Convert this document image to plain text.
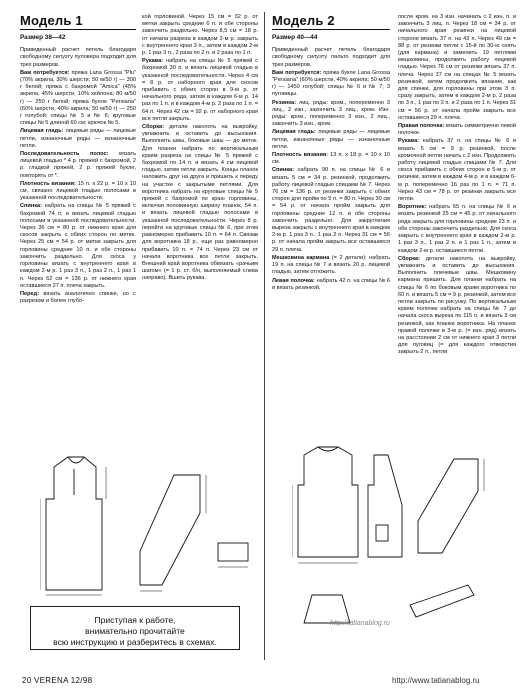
Модель 1
Размер 38—42

Приведенный расчет петель благодаря свободному силуэту пуловера подходит для трех размеров.

Вам потребуется: пряжа Lana Grossa "Plu" (70% акрила, 30% шерсти; 50 м/50 г) — 300 г белой; пряжа с бахромой "Amica" (45% акрила, 45% шерсти, 10% хейлона; 80 м/50 г) — 250 г белой; пряжа булле "Persiana" (60% шерсти, 40% акрила; 50 м/50 г) — 250 г голубой; спицы № 5 и № 6; круговые спицы № 5 длиной 60 см; крючок № 5.

Лицевая гладь: лицевые ряды — лицевые петли, изнаночные ряды — изнаночные петли.

Последовательность полос: вязать лицевой гладью * 4 р. пряжей с бахромой, 2 р. гладкой пряжей, 2 р. пряжей букле, повторять от *.

Плотность вязания: 15 п. х 22 р. = 10 х 10 см, связано лицевой гладью полосами в указанной последовательности.

Спинка: набрать на спицы № 5 пряжей с бахромой 74 п. и вязать лицевой гладью полосами в указанной последовательности. Через 36 см = 80 р. от нижнего края для скосов закрыть с обеих сторон по метке. Через 25 см = 54 р. от метки закрыть для горловины средние 10 п. и обе стороны закончить раздельно. Для скоса у горловины вязать с внутреннего края в каждом 2-м р. 1 раз 3 п., 1 раз 2 п., 1 раз 1 п. Через 62 см = 136 р. от нижнего края оставшиеся 27 п. плеча закрыть.

Перед: вязать аналогично спинке, но с разрезом и более глубо-

кой горловиной. Через 15 см = 32 р. от метки закрыть средние 6 п. и обе стороны закончить раздельно. Через 8,5 см = 18 р. от начала разреза в каждом 2-м р. закрыть с внутреннего края 3 п., затем в каждом 2-м р. 1 раз 3 п., 2 раза по 2 п. и 2 раза по 1 п.

Рукава: набрать на спицы № 5 пряжей с бахромой 30 п. и вязать лицевой гладью в указанной последовательности. Через 4 см = 8 р. от наборного края для скосов прибавить с обеих сторон в 9-м р. от начального ряда, затем в каждом 6-м р. 14 раз по 1 п. и в каждом 4-м р. 2 раза по 1 п. = 64 п. Через 42 см = 92 р. от наборного края все петли закрыть.

Сборка: детали наколоть на выкройку, увлажнить и оставить до высыхания. Выполнить швы, боковые швы — до меток. Для планки набрать по вертикальным краям разреза на спицы № 5 пряжей с бахромой по 14 п. и вязать 4 см лицевой гладью, затем петли закрыть. Концы планок наложить друг на друга и пришить к переду на участке с закрытыми петлями. Для воротника набрать на круговые спицы № 5 пряжей с бахромой по краю горловины, включая половинную ширину планок, 54 п. и вязать лицевой гладью полосами в указанной последовательности. Через 8 р. перейти на круговые спицы № 6, при этом равномерно прибавить 10 п. = 64 п. Связав для воротника 18 р., еще раз равномерно прибавить 10 п. = 74 п. Через 23 см от начала воротника все петли закрыть. Внешний край воротника обвязать «рачьим шагом» (= 1 р. ст. б/н, выполняемый слева направо). Вшить рукава.

Модель 2
Размер 40—44

Приведенный расчет петель благодаря свободному силуэту пальто подходит для трех размеров.

Вам потребуется: пряжа букле Lana Grossa "Persiana" (60% шерсти, 40% акрила; 50 м/50 г) — 1450 голубой; спицы № 6 и № 7; 3 пуговицы.

Резинка: лиц. ряды: кром., попеременно 3 лиц., 2 изн., закончить 3 лиц., кром. Изн. ряды: кром., попеременно 3 изн., 2 лиц., закончить 3 изн., кром.

Лицевая гладь: лицевые ряды — лицевые петли, изнаночные ряды — изнаночные петли.

Плотность вязания: 13 п. х 18 р. = 10 х 10 см.

Спинка: набрать 90 п. на спицы № 6 и вязать 5 см = 34 р. резинкой, продолжить работу лицевой гладью спицами № 7. Через 76 см = 136 р. от резинки закрыть с обеих сторон для пройм по 5 п. = 80 п. Через 30 см = 54 р. от начала пройм закрыть для горловины средние 12 п. и обе стороны закончить раздельно. Для закругления выреза закрыть с внутреннего края в каждом 2-м р. 1 раз 3 п., 1 раз 2 п. Через 31 см = 56 р. от начала пройм закрыть все оставшиеся 29 п. плеча.

Мешковина кармана (= 2 детали): набрать 19 п. на спицы № 7 и вязать 20 р. лицевой гладью, затем отложить.

Левая полочка: набрать 42 п. на спицы № 6 и вязать резинкой,

после кром. на 3 изн. начинать с 2 изн. п. и закончить 3 лиц. п. Через 18 см = 34 р. от начального края резинки на лицевой стороне вязать 37 п. на 43 п. Через 49 см = 88 р. от резинки петли с 15-й по 30-ю снять (для кармана) и заменить 19 петлями мешковины, продолжить работу лицевой гладью. Через 76 см от резинки вязать 37 п. плеча. Через 37 см на спицах № 5 вязать резинкой, затем продолжить вязание, как для спинки, для горловины при этом 3 п. сразу закрыть, затем в каждом 2-м р. 2 раза по 3 п., 1 раз по 2 п. и 2 раза по 1 п. Через 31 см = 56 р. от начала пройм закрыть все оставшиеся 29 п. плеча.

Правая полочка: вязать симметрично левой полочке.

Рукава: набрать 37 п. на спицы № 6 и вязать 5 см = 9 р. резинкой, после кромочной петли начать с 2 изн. Продолжить работу лицевой гладью спицами № 7. Для скоса прибавить с обеих сторон в 5-м р. от резинки, затем в каждом 4-м р. и в каждом 6-м р. попеременно 16 раз по 1 п. = 71 п. Через 43 см = 78 р. от резинки закрыть все петли.

Воротник: набрать 65 п. на спицы № 6 и вязать резинкой 25 см = 45 р. от начального ряда закрыть для горловины средние 23 п. и обе стороны закончить раздельно. Для скоса закрыть с внутреннего края в каждом 2-м р. 1 раз 3 п., 1 раз 2 п. и 1 раз 1 п., затем в каждом 2-м р. оставшиеся петли.

Сборка: детали наколоть на выкройку, увлажнить и оставить до высыхания. Выполнить плечевые швы. Мешковину кармана пришить. Для планки набрать на спицы № 6 по боковым краям воротника по 60 п. и вязать 5 см = 9 р. резинкой, затем все петли закрыть по рисунку. По вертикальным краям полочек набрать на спицы № 7 до начала скоса выреза по 115 п. и вязать 3 см резинкой, как планки воротника. На планке правой полочки в 3-м р. (= изн. ряд) вязать на расстоянии 2 см от нижнего края 3 петли для пуговиц (= для каждого отверстия закрыть 2 п., петли

Приступая к работе,
внимательно прочитайте
всю инструкцию и разберитесь в схемах.
http://tatianablog.ru
20 VERENA 12/98	http://www.tatianablog.ru
